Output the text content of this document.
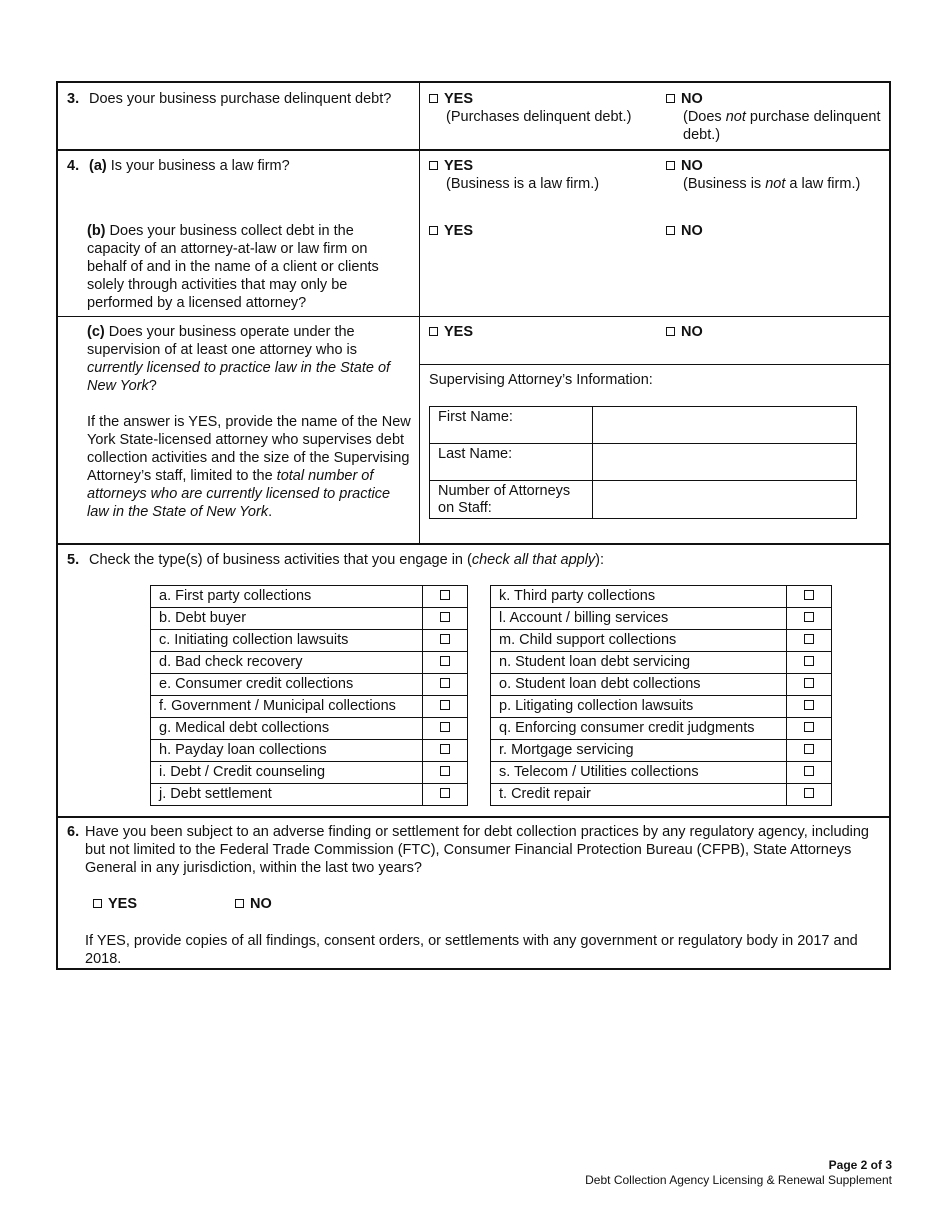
3. Does your business purchase delinquent debt?	YES
(Purchases delinquent debt.)
NO
(Does not purchase delinquent debt.)
4. (a) Is your business a law firm?	YES
(Business is a law firm.)
NO
(Business is not a law firm.)
(b) Does your business collect debt in the capacity of an attorney-at-law or law firm on behalf of and in the name of a client or clients solely through activities that may only be performed by a licensed attorney?
YES	NO
(c) Does your business operate under the supervision of at least one attorney who is currently licensed to practice law in the State of New York?
If the answer is YES, provide the name of the New York State-licensed attorney who supervises debt collection activities and the size of the Supervising Attorney’s staff, limited to the total number of attorneys who are currently licensed to practice law in the State of New York.
YES	NO
Supervising Attorney’s Information:
First Name:	
Last Name:	
Number of Attorneys on Staff:	
5. Check the type(s) of business activities that you engage in (check all that apply):
a. First party collections	
b. Debt buyer	
c. Initiating collection lawsuits	
d. Bad check recovery	
e. Consumer credit collections	
f. Government / Municipal collections	
g. Medical debt collections	
h. Payday loan collections	
i. Debt / Credit counseling	
j. Debt settlement	
k. Third party collections	
l. Account / billing services	
m. Child support collections	
n. Student loan debt servicing	
o. Student loan debt collections	
p. Litigating collection lawsuits	
q. Enforcing consumer credit judgments	
r. Mortgage servicing	
s. Telecom / Utilities collections	
t. Credit repair	
6. Have you been subject to an adverse finding or settlement for debt collection practices by any regulatory agency, including but not limited to the Federal Trade Commission (FTC), Consumer Financial Protection Bureau (CFPB), State Attorneys General in any jurisdiction, within the last two years?
YES	NO
If YES, provide copies of all findings, consent orders, or settlements with any government or regulatory body in 2017 and 2018.
Page 2 of 3
Debt Collection Agency Licensing & Renewal Supplement
